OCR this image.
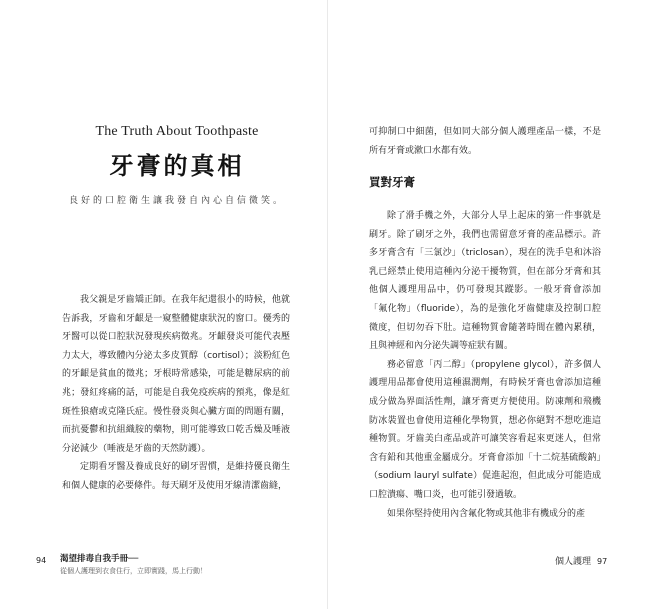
The Truth About Toothpaste
牙膏的真相
良好的口腔衛生讓我發自內心自信微笑。

我父親是牙齒矯正師。在我年紀還很小的時候，他就告訴我，牙齒和牙齦是一窺整體健康狀況的窗口。優秀的牙醫可以從口腔狀況發現疾病徵兆。牙齦發炎可能代表壓力太大，導致體內分泌太多皮質醇（cortisol）；淡粉紅色的牙齦是貧血的徵兆；牙根時常感染，可能是糖尿病的前兆；發紅疼痛的話，可能是自我免疫疾病的預兆，像是紅斑性狼瘡或克隆氏症。慢性發炎與心臟方面的問題有關，而抗憂鬱和抗組織胺的藥物，則可能導致口乾舌燥及唾液分泌減少（唾液是牙齒的天然防護）。

定期看牙醫及養成良好的刷牙習慣，是維持優良衛生和個人健康的必要條件。每天刷牙及使用牙線清潔齒縫，

94 渴望排毒自我手冊──
從個人護理到衣食住行，立即實踐，馬上行動！

可抑制口中細菌，但如同大部分個人護理產品一樣，不是所有牙膏或漱口水都有效。

買對牙膏

除了滑手機之外，大部分人早上起床的第一件事就是刷牙。除了刷牙之外，我們也需留意牙膏的產品標示。許多牙膏含有「三氯沙」（triclosan），現在的洗手皂和沐浴乳已經禁止使用這種內分泌干擾物質，但在部分牙膏和其他個人護理用品中，仍可發現其蹤影。一般牙膏會添加「氟化物」（fluoride），為的是強化牙齒健康及控制口腔微度，但切勿吞下肚。這種物質會隨著時間在體內累積，且與神經和內分泌失調等症狀有關。

務必留意「丙二醇」（propylene glycol），許多個人護理用品都會使用這種濕潤劑，有時候牙膏也會添加這種成分做為界面活性劑，讓牙膏更方便使用。防凍劑和飛機防冰裝置也會使用這種化學物質，想必你絕對不想吃進這種物質。牙齒美白產品或許可讓笑容看起來更迷人，但常含有鉛和其他重金屬成分。牙膏會添加「十二烷基硫酸鈉」（sodium lauryl sulfate）促進起泡，但此成分可能造成口腔潰瘍、嘴口炎，也可能引發過敏。

如果你堅持使用內含氟化物或其他非有機成分的產

個人護理 97
